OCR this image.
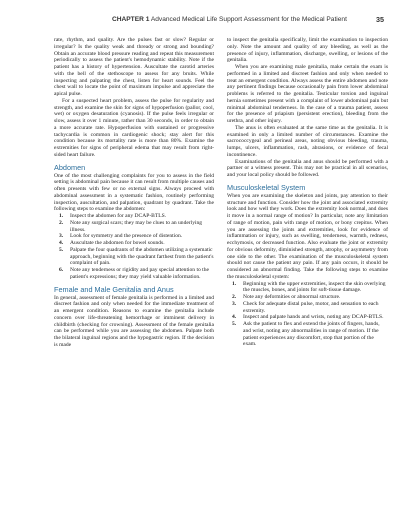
CHAPTER 1 Advanced Medical Life Support Assessment for the Medical Patient	35

rate, rhythm, and quality. Are the pulses fast or slow? Regular or irregular? Is the quality weak and thready or strong and bounding? Obtain an accurate blood pressure reading and repeat this measurement periodically to assess the patient's hemodynamic stability. Note if the patient has a history of hypertension. Auscultate the carotid arteries with the bell of the stethoscope to assess for any bruits. While inspecting and palpating the chest, listen for heart sounds. Feel the chest wall to locate the point of maximum impulse and appreciate the apical pulse.

For a suspected heart problem, assess the pulse for regularity and strength, and examine the skin for signs of hypoperfusion (pallor, cool, wet) or oxygen desaturation (cyanosis). If the pulse feels irregular or slow, assess it over 1 minute, rather than 30 seconds, in order to obtain a more accurate rate. Hypoperfusion with sustained or progressive tachycardia is common in cardiogenic shock; stay alert for this condition because its mortality rate is more than 80%. Examine the extremities for signs of peripheral edema that may result from right-sided heart failure.

Abdomen

One of the most challenging complaints for you to assess in the field setting is abdominal pain because it can result from multiple causes and often presents with few or no external signs. Always proceed with abdominal assessment in a systematic fashion, routinely performing inspection, auscultation, and palpation, quadrant by quadrant. Take the following steps to examine the abdomen:

1.	Inspect the abdomen for any DCAP-BTLS.
2.	Note any surgical scars; they may be clues to an underlying illness.
3.	Look for symmetry and the presence of distention.
4.	Auscultate the abdomen for bowel sounds.
5.	Palpate the four quadrants of the abdomen utilizing a systematic approach, beginning with the quadrant farthest from the patient's complaint of pain.
6.	Note any tenderness or rigidity and pay special attention to the patient's expressions; they may yield valuable information.
Female and Male Genitalia and Anus

In general, assessment of female genitalia is performed in a limited and discreet fashion and only when needed for the immediate treatment of an emergent condition. Reasons to examine the genitalia include concern over life-threatening hemorrhage or imminent delivery in childbirth (checking for crowning). Assessment of the female genitalia can be performed while you are assessing the abdomen. Palpate both the bilateral inguinal regions and the hypogastric region. If the decision is made

to inspect the genitalia specifically, limit the examination to inspection only. Note the amount and quality of any bleeding, as well as the presence of injury, inflammation, discharge, swelling, or lesions of the genitalia.

When you are examining male genitalia, make certain the exam is performed in a limited and discreet fashion and only when needed to treat an emergent condition. Always assess the entire abdomen and note any pertinent findings because occasionally pain from lower abdominal problems is referred to the genitalia. Testicular torsion and inguinal hernia sometimes present with a complaint of lower abdominal pain but minimal abdominal tenderness. In the case of a trauma patient, assess for the presence of priapism (persistent erection), bleeding from the urethra, and other injury.

The anus is often evaluated at the same time as the genitalia. It is examined in only a limited number of circumstances. Examine the sacrococcygeal and perineal areas, noting obvious bleeding, trauma, lumps, ulcers, inflammation, rash, abrasions, or evidence of fecal incontinence.

Examinations of the genitalia and anus should be performed with a partner or a witness present. This may not be practical in all scenarios, and your local policy should be followed.

Musculoskeletal System

When you are examining the skeleton and joints, pay attention to their structure and function. Consider how the joint and associated extremity look and how well they work. Does the extremity look normal, and does it move in a normal range of motion? In particular, note any limitation of range of motion, pain with range of motion, or bony crepitus. When you are assessing the joints and extremities, look for evidence of inflammation or injury, such as swelling, tenderness, warmth, redness, ecchymosis, or decreased function. Also evaluate the joint or extremity for obvious deformity, diminished strength, atrophy, or asymmetry from one side to the other. The examination of the musculoskeletal system should not cause the patient any pain. If any pain occurs, it should be considered an abnormal finding. Take the following steps to examine the musculoskeletal system:

1.	Beginning with the upper extremities, inspect the skin overlying the muscles, bones, and joints for soft-tissue damage.
2.	Note any deformities or abnormal structure.
3.	Check for adequate distal pulse, motor, and sensation to each extremity.
4.	Inspect and palpate hands and wrists, noting any DCAP-BTLS.
5.	Ask the patient to flex and extend the joints of fingers, hands, and wrist, noting any abnormalities in range of motion. If the patient experiences any discomfort, stop that portion of the exam.
